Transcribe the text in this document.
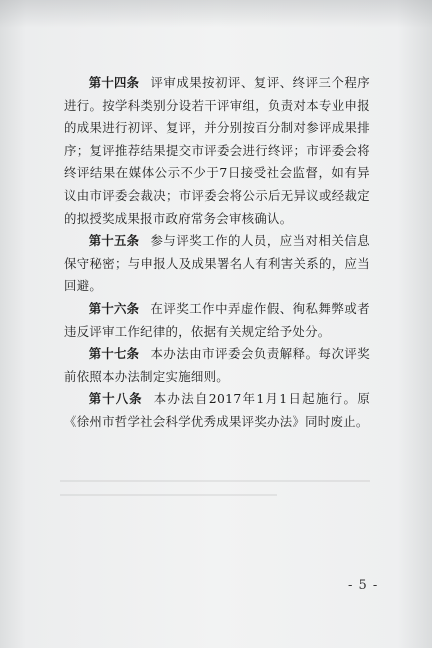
第十四条 评审成果按初评、复评、终评三个程序进行。按学科类别分设若干评审组，负责对本专业申报的成果进行初评、复评，并分别按百分制对参评成果排序；复评推荐结果提交市评委会进行终评；市评委会将终评结果在媒体公示不少于7日接受社会监督，如有异议由市评委会裁决；市评委会将公示后无异议或经裁定的拟授奖成果报市政府常务会审核确认。

第十五条 参与评奖工作的人员，应当对相关信息保守秘密；与申报人及成果署名人有利害关系的，应当回避。

第十六条 在评奖工作中弄虚作假、徇私舞弊或者违反评审工作纪律的，依据有关规定给予处分。

第十七条 本办法由市评委会负责解释。每次评奖前依照本办法制定实施细则。

第十八条 本办法自2017年1月1日起施行。原《徐州市哲学社会科学优秀成果评奖办法》同时废止。

- 5 -
